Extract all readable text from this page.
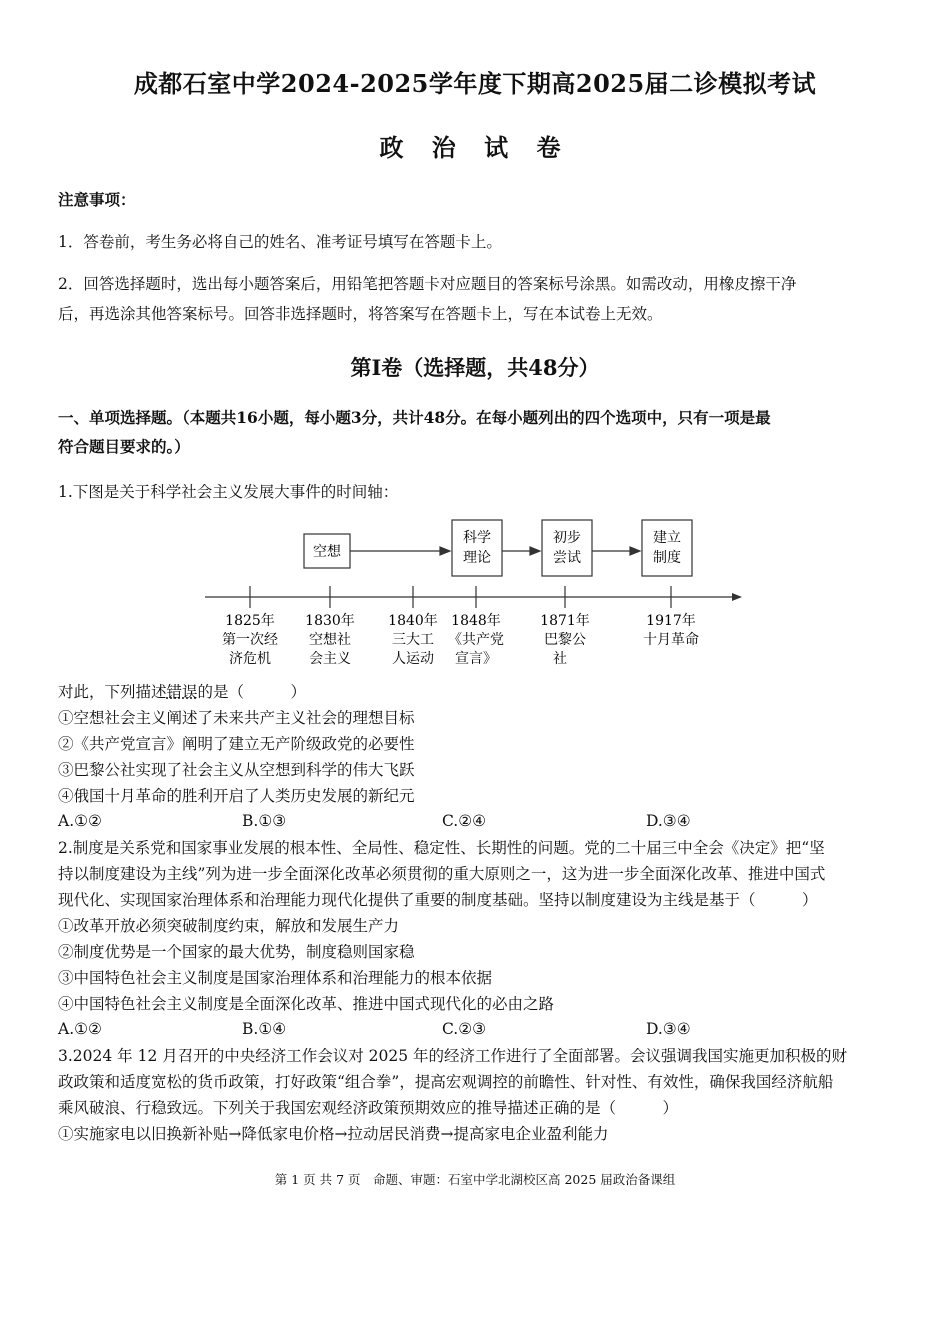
成都石室中学2024-2025学年度下期高2025届二诊模拟考试
政 治 试 卷
注意事项：
1．答卷前，考生务必将自己的姓名、准考证号填写在答题卡上。
2．回答选择题时，选出每小题答案后，用铅笔把答题卡对应题目的答案标号涂黑。如需改动，用橡皮擦干净
后，再选涂其他答案标号。回答非选择题时，将答案写在答题卡上，写在本试卷上无效。
第Ⅰ卷（选择题，共48分）
一、单项选择题。（本题共16小题，每小题3分，共计48分。在每小题列出的四个选项中，只有一项是最
符合题目要求的。）
1.下图是关于科学社会主义发展大事件的时间轴：
空想
科学
理论
初步
尝试
建立
制度
1825年
第一次经
济危机
1830年
空想社
会主义
1840年
三大工
人运动
1848年
《共产党
宣言》
1871年
巴黎公
社
1917年
十月革命
对此，下列描述错误的是（　　　）
①空想社会主义阐述了未来共产主义社会的理想目标
②《共产党宣言》阐明了建立无产阶级政党的必要性
③巴黎公社实现了社会主义从空想到科学的伟大飞跃
④俄国十月革命的胜利开启了人类历史发展的新纪元
A.①②	B.①③	C.②④	D.③④
2.制度是关系党和国家事业发展的根本性、全局性、稳定性、长期性的问题。党的二十届三中全会《决定》把“坚
持以制度建设为主线”列为进一步全面深化改革必须贯彻的重大原则之一，这为进一步全面深化改革、推进中国式
现代化、实现国家治理体系和治理能力现代化提供了重要的制度基础。坚持以制度建设为主线是基于（　　　）
①改革开放必须突破制度约束，解放和发展生产力
②制度优势是一个国家的最大优势，制度稳则国家稳
③中国特色社会主义制度是国家治理体系和治理能力的根本依据
④中国特色社会主义制度是全面深化改革、推进中国式现代化的必由之路
A.①②	B.①④	C.②③	D.③④
3.2024 年 12 月召开的中央经济工作会议对 2025 年的经济工作进行了全面部署。会议强调我国实施更加积极的财
政政策和适度宽松的货币政策，打好政策“组合拳”，提高宏观调控的前瞻性、针对性、有效性，确保我国经济航船
乘风破浪、行稳致远。下列关于我国宏观经济政策预期效应的推导描述正确的是（　　　）
①实施家电以旧换新补贴→降低家电价格→拉动居民消费→提高家电企业盈利能力
第 1 页 共 7 页　命题、审题：石室中学北湖校区高 2025 届政治备课组
